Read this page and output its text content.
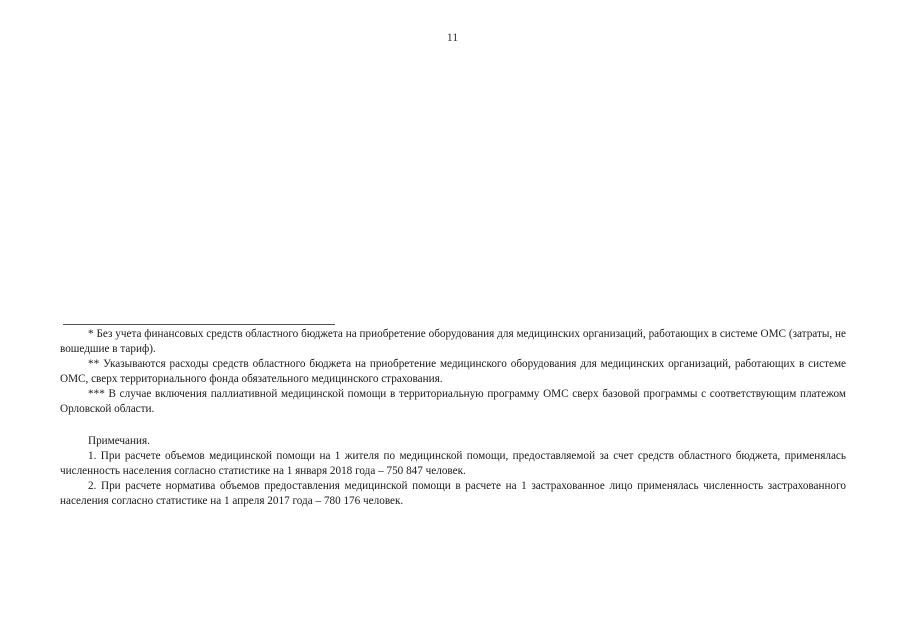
11

* Без учета финансовых средств областного бюджета на приобретение оборудования для медицинских организаций, работающих в системе ОМС (затраты, не вошедшие в тариф).

** Указываются расходы средств областного бюджета на приобретение медицинского оборудования для медицинских организаций, работающих в системе ОМС, сверх территориального фонда обязательного медицинского страхования.

*** В случае включения паллиативной медицинской помощи в территориальную программу ОМС сверх базовой программы с соответствующим платежом Орловской области.

Примечания.

1. При расчете объемов медицинской помощи на 1 жителя по медицинской помощи, предоставляемой за счет средств областного бюджета, применялась численность населения согласно статистике на 1 января 2018 года – 750 847 человек.

2. При расчете норматива объемов предоставления медицинской помощи в расчете на 1 застрахованное лицо применялась численность застрахованного населения согласно статистике на 1 апреля 2017 года – 780 176 человек.
